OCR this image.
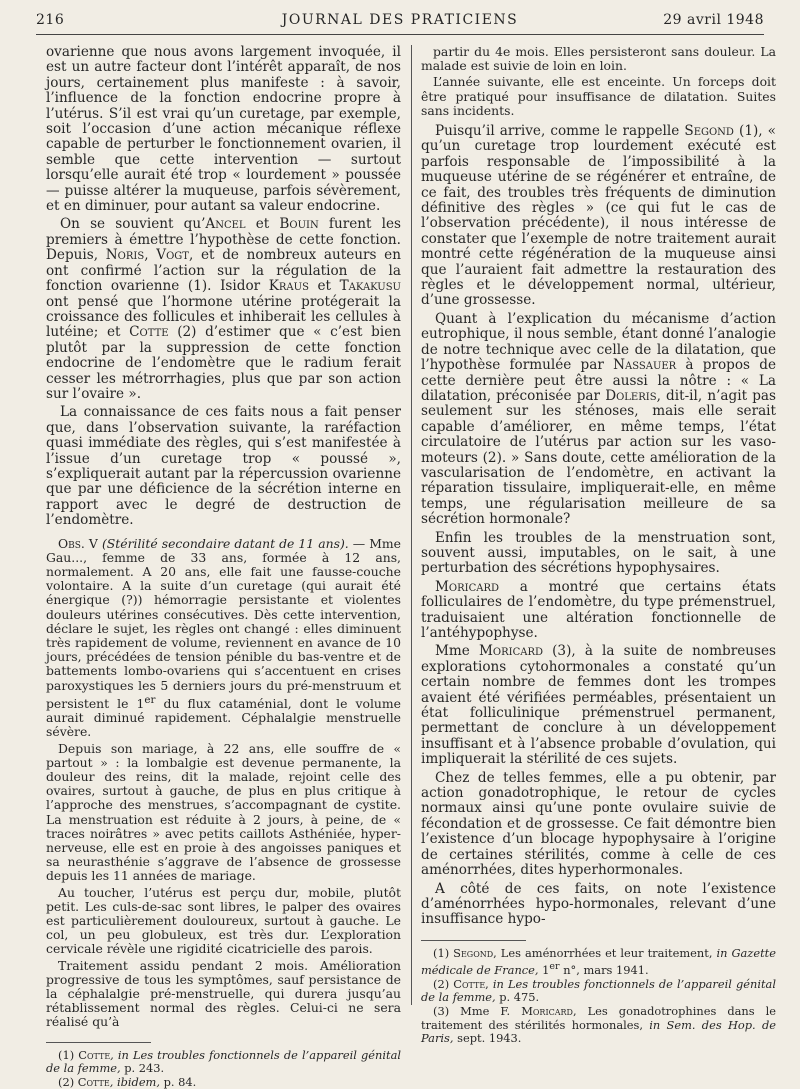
216	JOURNAL DES PRATICIENS	29 avril 1948

ovarienne que nous avons largement invoquée, il est un autre facteur dont l’intérêt apparaît, de nos jours, certainement plus manifeste : à savoir, l’influence de la fonction endocrine propre à l’utérus. S’il est vrai qu’un curetage, par exemple, soit l’occasion d’une action mécanique réflexe capable de perturber le fonctionnement ovarien, il semble que cette intervention — surtout lorsqu’elle aurait été trop « lourdement » poussée — puisse altérer la muqueuse, parfois sévèrement, et en diminuer, pour autant sa valeur endocrine.

On se souvient qu’Ancel et Bouin furent les premiers à émettre l’hypothèse de cette fonction. Depuis, Noris, Vogt, et de nombreux auteurs en ont confirmé l’action sur la régulation de la fonction ovarienne (1). Isidor Kraus et Takakusu ont pensé que l’hormone utérine protégerait la croissance des follicules et inhiberait les cellules à lutéine; et Cotte (2) d’estimer que « c’est bien plutôt par la suppression de cette fonction endocrine de l’endomètre que le radium ferait cesser les métrorrhagies, plus que par son action sur l’ovaire ».

La connaissance de ces faits nous a fait penser que, dans l’observation suivante, la raréfaction quasi immédiate des règles, qui s’est manifestée à l’issue d’un curetage trop « poussé », s’expliquerait autant par la répercussion ovarienne que par une déficience de la sécrétion interne en rapport avec le degré de destruction de l’endomètre.

Obs. V (Stérilité secondaire datant de 11 ans). — Mme Gau..., femme de 33 ans, formée à 12 ans, normalement. A 20 ans, elle fait une fausse-couche volontaire. A la suite d’un curetage (qui aurait été énergique (?)) hémorragie persistante et violentes douleurs utérines consécutives. Dès cette intervention, déclare le sujet, les règles ont changé : elles diminuent très rapidement de volume, reviennent en avance de 10 jours, précédées de tension pénible du bas-ventre et de battements lombo-ovariens qui s’accentuent en crises paroxystiques les 5 derniers jours du pré-menstruum et persistent le 1er du flux cataménial, dont le volume aurait diminué rapidement. Céphalalgie menstruelle sévère.

Depuis son mariage, à 22 ans, elle souffre de « partout » : la lombalgie est devenue permanente, la douleur des reins, dit la malade, rejoint celle des ovaires, surtout à gauche, de plus en plus critique à l’approche des menstrues, s’accompagnant de cystite. La menstruation est réduite à 2 jours, à peine, de « traces noirâtres » avec petits caillots Asthéniée, hyper-nerveuse, elle est en proie à des angoisses paniques et sa neurasthénie s’aggrave de l’absence de grossesse depuis les 11 années de mariage.

Au toucher, l’utérus est perçu dur, mobile, plutôt petit. Les culs-de-sac sont libres, le palper des ovaires est particulièrement douloureux, surtout à gauche. Le col, un peu globuleux, est très dur. L’exploration cervicale révèle une rigidité cicatricielle des parois.

Traitement assidu pendant 2 mois. Amélioration progressive de tous les symptômes, sauf persistance de la céphalalgie pré-menstruelle, qui durera jusqu’au rétablissement normal des règles. Celui-ci ne sera réalisé qu’à

(1) Cotte, in Les troubles fonctionnels de l’appareil génital de la femme, p. 243.

(2) Cotte, ibidem, p. 84.

partir du 4e mois. Elles persisteront sans douleur. La malade est suivie de loin en loin.

L’année suivante, elle est enceinte. Un forceps doit être pratiqué pour insuffisance de dilatation. Suites sans incidents.

Puisqu’il arrive, comme le rappelle Segond (1), « qu’un curetage trop lourdement exécuté est parfois responsable de l’impossibilité à la muqueuse utérine de se régénérer et entraîne, de ce fait, des troubles très fréquents de diminution définitive des règles » (ce qui fut le cas de l’observation précédente), il nous intéresse de constater que l’exemple de notre traitement aurait montré cette régénération de la muqueuse ainsi que l’auraient fait admettre la restauration des règles et le développement normal, ultérieur, d’une grossesse.

Quant à l’explication du mécanisme d’action eutrophique, il nous semble, étant donné l’analogie de notre technique avec celle de la dilatation, que l’hypothèse formulée par Nassauer à propos de cette dernière peut être aussi la nôtre : « La dilatation, préconisée par Doleris, dit-il, n’agit pas seulement sur les sténoses, mais elle serait capable d’améliorer, en même temps, l’état circulatoire de l’utérus par action sur les vaso-moteurs (2). » Sans doute, cette amélioration de la vascularisation de l’endomètre, en activant la réparation tissulaire, impliquerait-elle, en même temps, une régularisation meilleure de sa sécrétion hormonale?

Enfin les troubles de la menstruation sont, souvent aussi, imputables, on le sait, à une perturbation des sécrétions hypophysaires.

Moricard a montré que certains états folliculaires de l’endomètre, du type prémenstruel, traduisaient une altération fonctionnelle de l’antéhypophyse.

Mme Moricard (3), à la suite de nombreuses explorations cytohormonales a constaté qu’un certain nombre de femmes dont les trompes avaient été vérifiées perméables, présentaient un état folliculinique prémenstruel permanent, permettant de conclure à un développement insuffisant et à l’absence probable d’ovulation, qui impliquerait la stérilité de ces sujets.

Chez de telles femmes, elle a pu obtenir, par action gonadotrophique, le retour de cycles normaux ainsi qu’une ponte ovulaire suivie de fécondation et de grossesse. Ce fait démontre bien l’existence d’un blocage hypophysaire à l’origine de certaines stérilités, comme à celle de ces aménorrhées, dites hyperhormonales.

A côté de ces faits, on note l’existence d’aménorrhées hypo-hormonales, relevant d’une insuffisance hypo-

(1) Segond, Les aménorrhées et leur traitement, in Gazette médicale de France, 1er n°, mars 1941.

(2) Cotte, in Les troubles fonctionnels de l’appareil génital de la femme, p. 475.

(3) Mme F. Moricard, Les gonadotrophines dans le traitement des stérilités hormonales, in Sem. des Hop. de Paris, sept. 1943.
